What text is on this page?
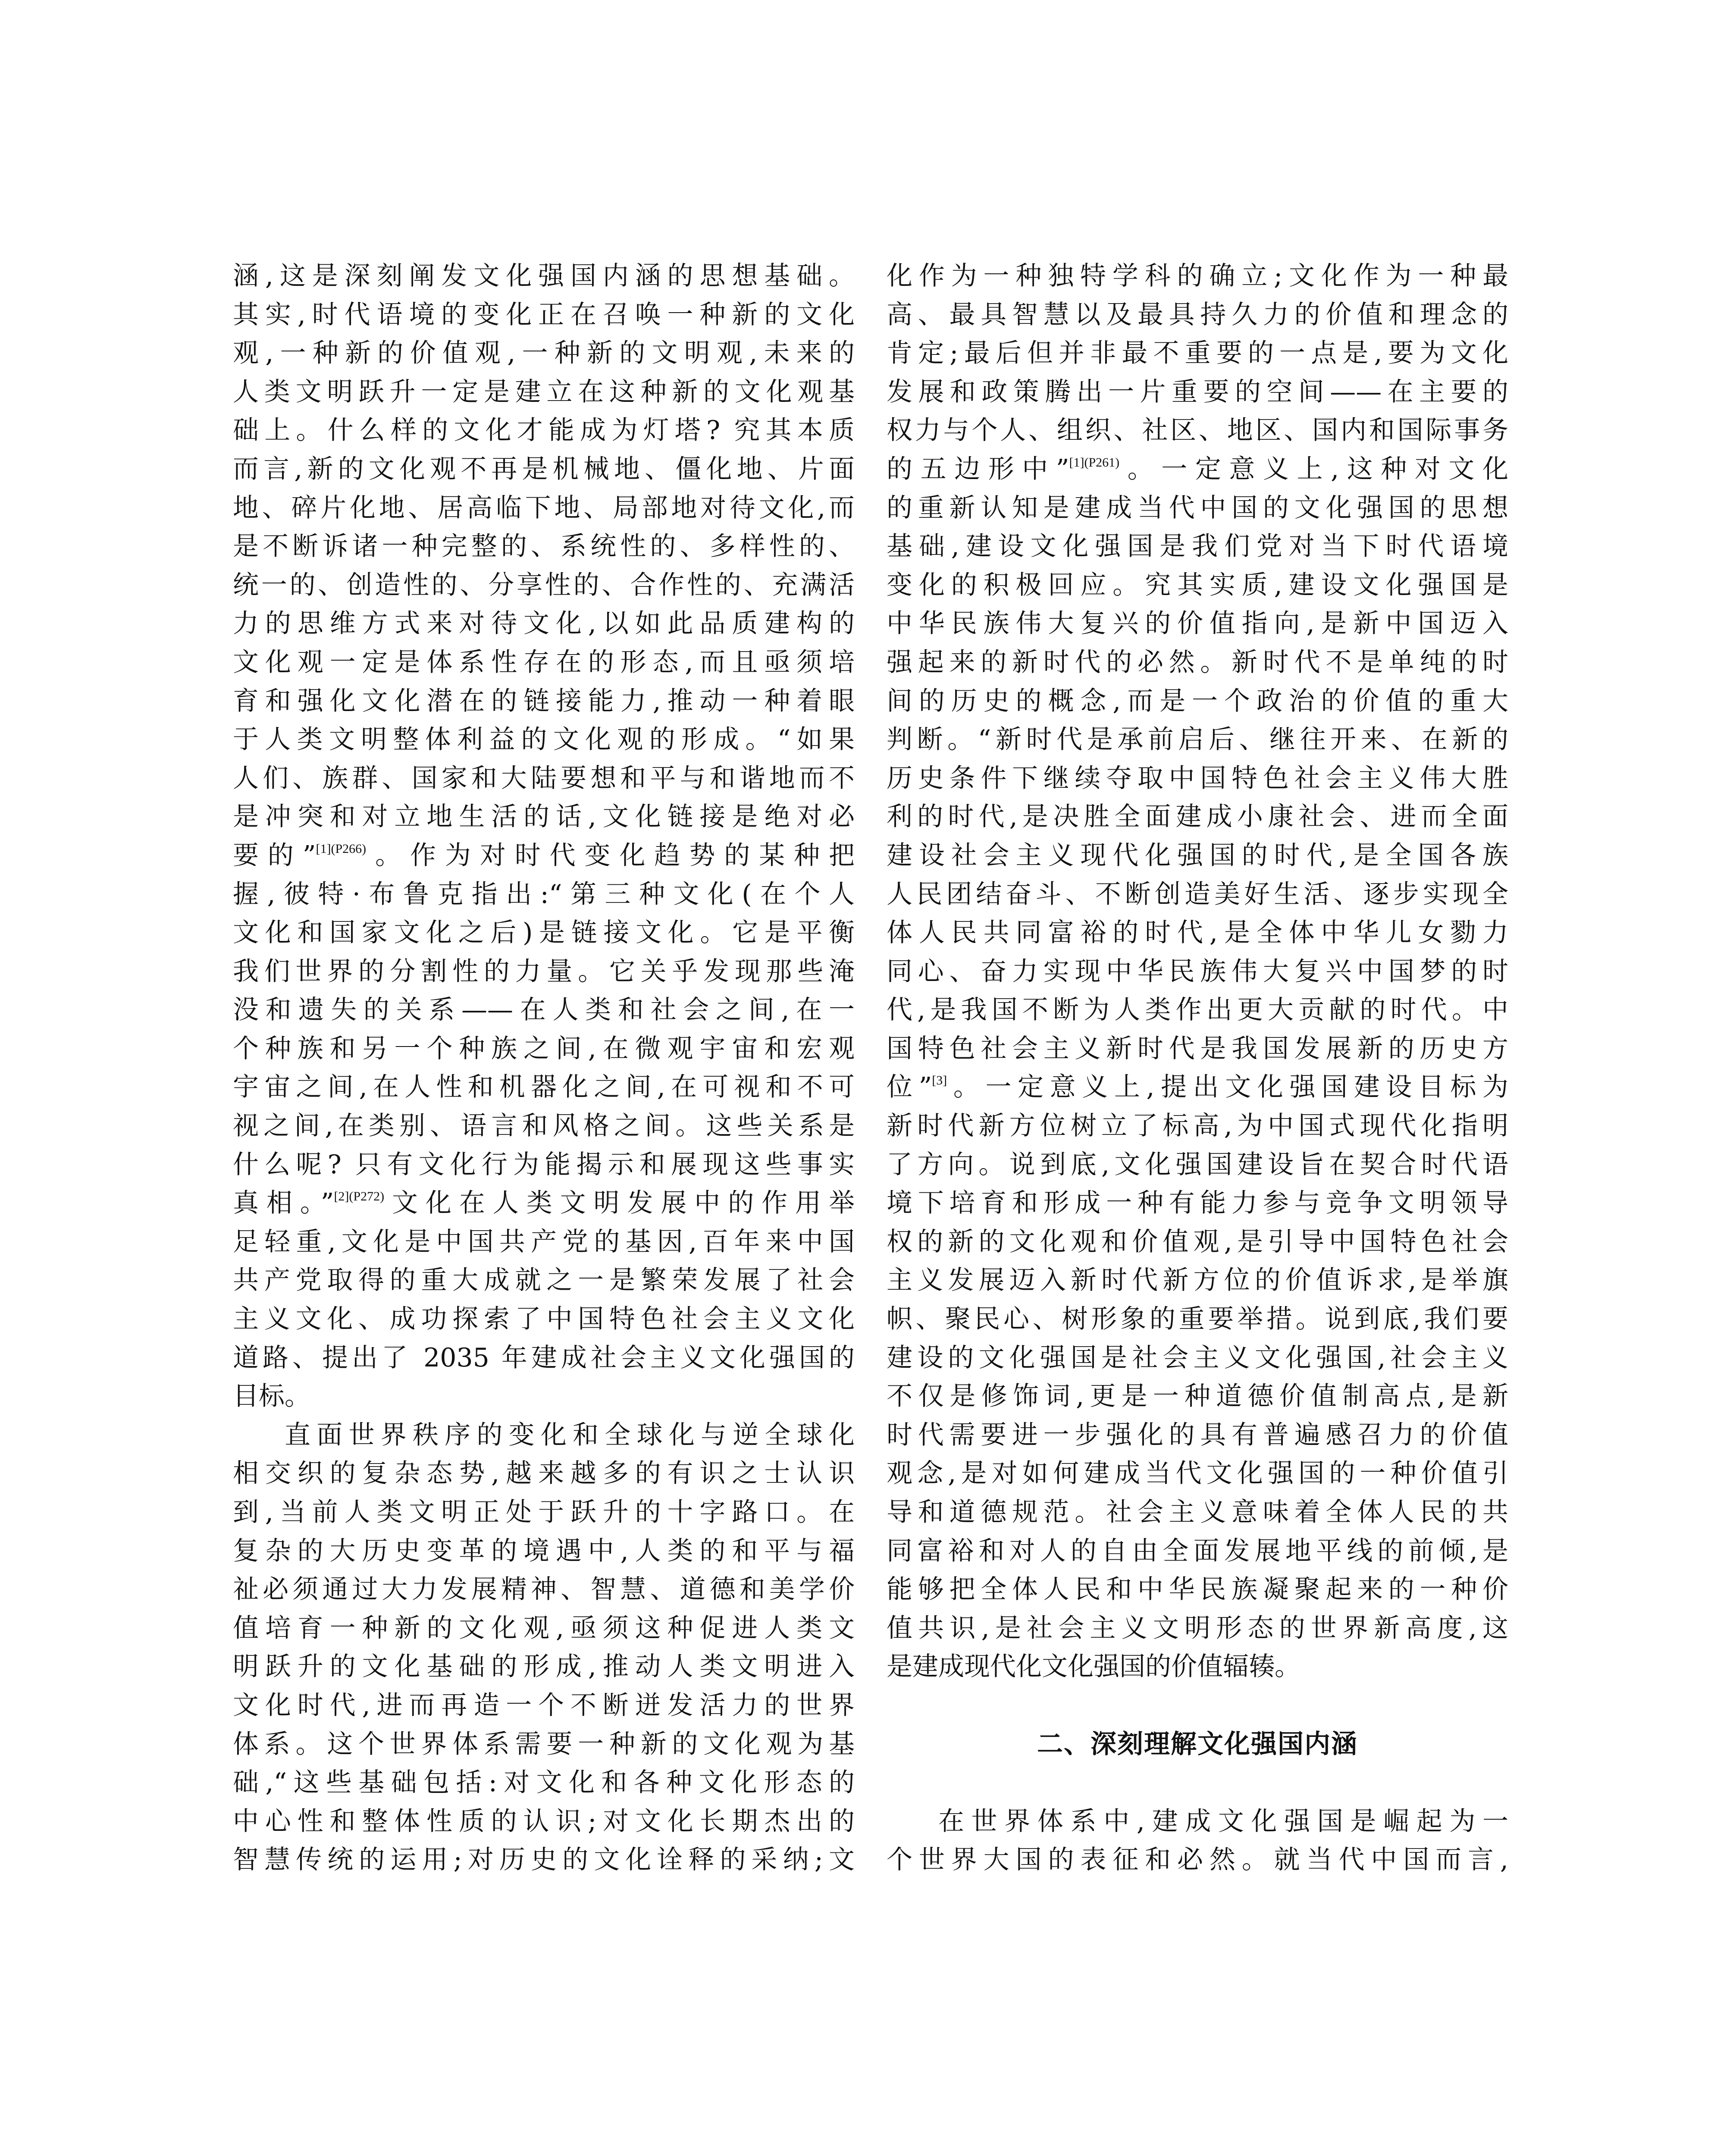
涵,这是深刻阐发文化强国内涵的思想基础。
其实,时代语境的变化正在召唤一种新的文化
观,一种新的价值观,一种新的文明观,未来的
人类文明跃升一定是建立在这种新的文化观基
础上。什么样的文化才能成为灯塔? 究其本质
而言,新的文化观不再是机械地、僵化地、片面
地、碎片化地、居高临下地、局部地对待文化,而
是不断诉诸一种完整的、系统性的、多样性的、
统一的、创造性的、分享性的、合作性的、充满活
力的思维方式来对待文化,以如此品质建构的
文化观一定是体系性存在的形态,而且亟须培
育和强化文化潜在的链接能力,推动一种着眼
于人类文明整体利益的文化观的形成。“如果
人们、族群、国家和大陆要想和平与和谐地而不
是冲突和对立地生活的话,文化链接是绝对必
要的”$^{[1](P266)}$。作为对时代变化趋势的某种把
握,彼特·布鲁克指出:“第三种文化(在个人
文化和国家文化之后)是链接文化。它是平衡
我们世界的分割性的力量。它关乎发现那些淹
没和遗失的关系——在人类和社会之间,在一
个种族和另一个种族之间,在微观宇宙和宏观
宇宙之间,在人性和机器化之间,在可视和不可
视之间,在类别、语言和风格之间。这些关系是
什么呢? 只有文化行为能揭示和展现这些事实
真相。”$^{[2](P272)}$文化在人类文明发展中的作用举
足轻重,文化是中国共产党的基因,百年来中国
共产党取得的重大成就之一是繁荣发展了社会
主义文化、成功探索了中国特色社会主义文化
道路、提出了 2035 年建成社会主义文化强国的
目标。
直面世界秩序的变化和全球化与逆全球化
相交织的复杂态势,越来越多的有识之士认识
到,当前人类文明正处于跃升的十字路口。在
复杂的大历史变革的境遇中,人类的和平与福
祉必须通过大力发展精神、智慧、道德和美学价
值培育一种新的文化观,亟须这种促进人类文
明跃升的文化基础的形成,推动人类文明进入
文化时代,进而再造一个不断迸发活力的世界
体系。这个世界体系需要一种新的文化观为基
础,“这些基础包括:对文化和各种文化形态的
中心性和整体性质的认识;对文化长期杰出的
智慧传统的运用;对历史的文化诠释的采纳;文
化作为一种独特学科的确立;文化作为一种最
高、最具智慧以及最具持久力的价值和理念的
肯定;最后但并非最不重要的一点是,要为文化
发展和政策腾出一片重要的空间——在主要的
权力与个人、组织、社区、地区、国内和国际事务
的五边形中”$^{[1](P261)}$。一定意义上,这种对文化
的重新认知是建成当代中国的文化强国的思想
基础,建设文化强国是我们党对当下时代语境
变化的积极回应。究其实质,建设文化强国是
中华民族伟大复兴的价值指向,是新中国迈入
强起来的新时代的必然。新时代不是单纯的时
间的历史的概念,而是一个政治的价值的重大
判断。“新时代是承前启后、继往开来、在新的
历史条件下继续夺取中国特色社会主义伟大胜
利的时代,是决胜全面建成小康社会、进而全面
建设社会主义现代化强国的时代,是全国各族
人民团结奋斗、不断创造美好生活、逐步实现全
体人民共同富裕的时代,是全体中华儿女勠力
同心、奋力实现中华民族伟大复兴中国梦的时
代,是我国不断为人类作出更大贡献的时代。中
国特色社会主义新时代是我国发展新的历史方
位”[3]。一定意义上,提出文化强国建设目标为
新时代新方位树立了标高,为中国式现代化指明
了方向。说到底,文化强国建设旨在契合时代语
境下培育和形成一种有能力参与竞争文明领导
权的新的文化观和价值观,是引导中国特色社会
主义发展迈入新时代新方位的价值诉求,是举旗
帜、聚民心、树形象的重要举措。说到底,我们要
建设的文化强国是社会主义文化强国,社会主义
不仅是修饰词,更是一种道德价值制高点,是新
时代需要进一步强化的具有普遍感召力的价值
观念,是对如何建成当代文化强国的一种价值引
导和道德规范。社会主义意味着全体人民的共
同富裕和对人的自由全面发展地平线的前倾,是
能够把全体人民和中华民族凝聚起来的一种价
值共识,是社会主义文明形态的世界新高度,这
是建成现代化文化强国的价值辐辏。
二、深刻理解文化强国内涵
在世界体系中,建成文化强国是崛起为一
个世界大国的表征和必然。就当代中国而言,
